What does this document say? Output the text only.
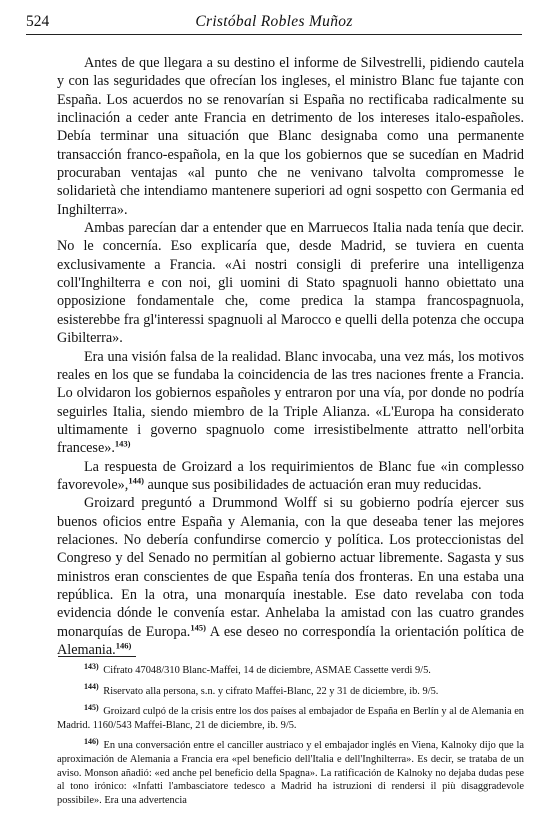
524	Cristóbal Robles Muñoz

Antes de que llegara a su destino el informe de Silvestrelli, pidiendo cautela y con las seguridades que ofrecían los ingleses, el ministro Blanc fue tajante con España. Los acuerdos no se renovarían si España no rectificaba radicalmente su inclinación a ceder ante Francia en detrimento de los intereses italo-españoles. Debía terminar una situación que Blanc designaba como una permanente transacción franco-española, en la que los gobiernos que se sucedían en Madrid procuraban ventajas «al punto che ne venivano talvolta compromesse le solidarietà che intendiamo mantenere superiori ad ogni sospetto con Germania ed Inghilterra».

Ambas parecían dar a entender que en Marruecos Italia nada tenía que decir. No le concernía. Eso explicaría que, desde Madrid, se tuviera en cuenta exclusivamente a Francia. «Ai nostri consigli di preferire una intelligenza coll'Inghilterra e con noi, gli uomini di Stato spagnuoli hanno obiettato una opposizione fondamentale che, come predica la stampa francospagnuola, esisterebbe fra gl'interessi spagnuoli al Marocco e quelli della potenza che occupa Gibilterra».

Era una visión falsa de la realidad. Blanc invocaba, una vez más, los motivos reales en los que se fundaba la coincidencia de las tres naciones frente a Francia. Lo olvidaron los gobiernos españoles y entraron por una vía, por donde no podría seguirles Italia, siendo miembro de la Triple Alianza. «L'Europa ha considerato ultimamente i governo spagnuolo come irresistibelmente attratto nell'orbita francese».$^{143)}$

La respuesta de Groizard a los requirimientos de Blanc fue «in complesso favorevole»,$^{144)}$ aunque sus posibilidades de actuación eran muy reducidas.

Groizard preguntó a Drummond Wolff si su gobierno podría ejercer sus buenos oficios entre España y Alemania, con la que deseaba tener las mejores relaciones. No debería confundirse comercio y política. Los proteccionistas del Congreso y del Senado no permitían al gobierno actuar libremente. Sagasta y sus ministros eran conscientes de que España tenía dos fronteras. En una estaba una república. En la otra, una monarquía inestable. Ese dato revelaba con toda evidencia dónde le convenía estar. Anhelaba la amistad con las cuatro grandes monarquías de Europa.$^{145)}$ A ese deseo no correspondía la orientación política de Alemania.$^{146)}$

$^{143)}$ Cifrato 47048/310 Blanc-Maffei, 14 de diciembre, ASMAE Cassette verdi 9/5.

$^{144)}$ Riservato alla persona, s.n. y cifrato Maffei-Blanc, 22 y 31 de diciembre, ib. 9/5.

$^{145)}$ Groizard culpó de la crisis entre los dos países al embajador de España en Berlín y al de Alemania en Madrid. 1160/543 Maffei-Blanc, 21 de diciembre, ib. 9/5.

$^{146)}$ En una conversación entre el canciller austriaco y el embajador inglés en Viena, Kalnoky dijo que la aproximación de Alemania a Francia era «pel beneficio dell'Italia e dell'Inghilterra». Es decir, se trataba de un aviso. Monson añadió: «ed anche pel beneficio della Spagna». La ratificación de Kalnoky no dejaba dudas pese al tono irónico: «Infatti l'ambasciatore tedesco a Madrid ha istruzioni di rendersi il più disaggradevole possibile». Era una advertencia
